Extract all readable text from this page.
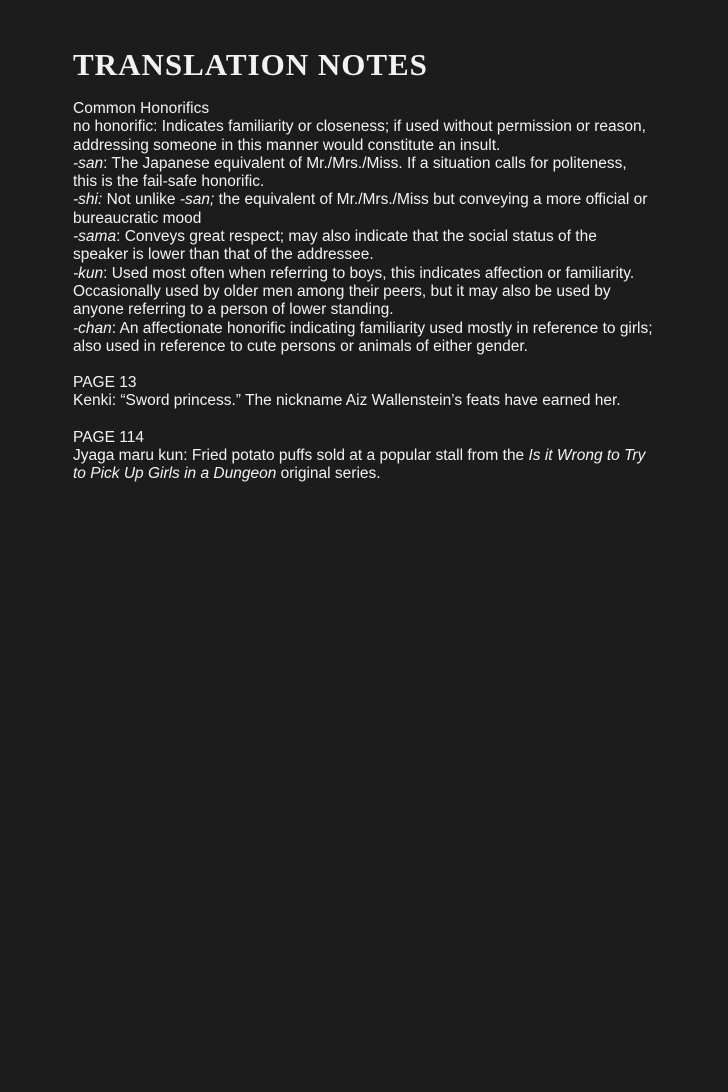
TRANSLATION NOTES

Common Honorifics

no honorific: Indicates familiarity or closeness; if used without permission or reason, addressing someone in this manner would constitute an insult.

-san: The Japanese equivalent of Mr./Mrs./Miss. If a situation calls for politeness, this is the fail-safe honorific.

-shi: Not unlike -san; the equivalent of Mr./Mrs./Miss but conveying a more official or bureaucratic mood

-sama: Conveys great respect; may also indicate that the social status of the speaker is lower than that of the addressee.

-kun: Used most often when referring to boys, this indicates affection or familiarity. Occasionally used by older men among their peers, but it may also be used by anyone referring to a person of lower standing.

-chan: An affectionate honorific indicating familiarity used mostly in reference to girls; also used in reference to cute persons or animals of either gender.

PAGE 13

Kenki: “Sword princess.” The nickname Aiz Wallenstein’s feats have earned her.

PAGE 114

Jyaga maru kun: Fried potato puffs sold at a popular stall from the Is it Wrong to Try to Pick Up Girls in a Dungeon original series.
